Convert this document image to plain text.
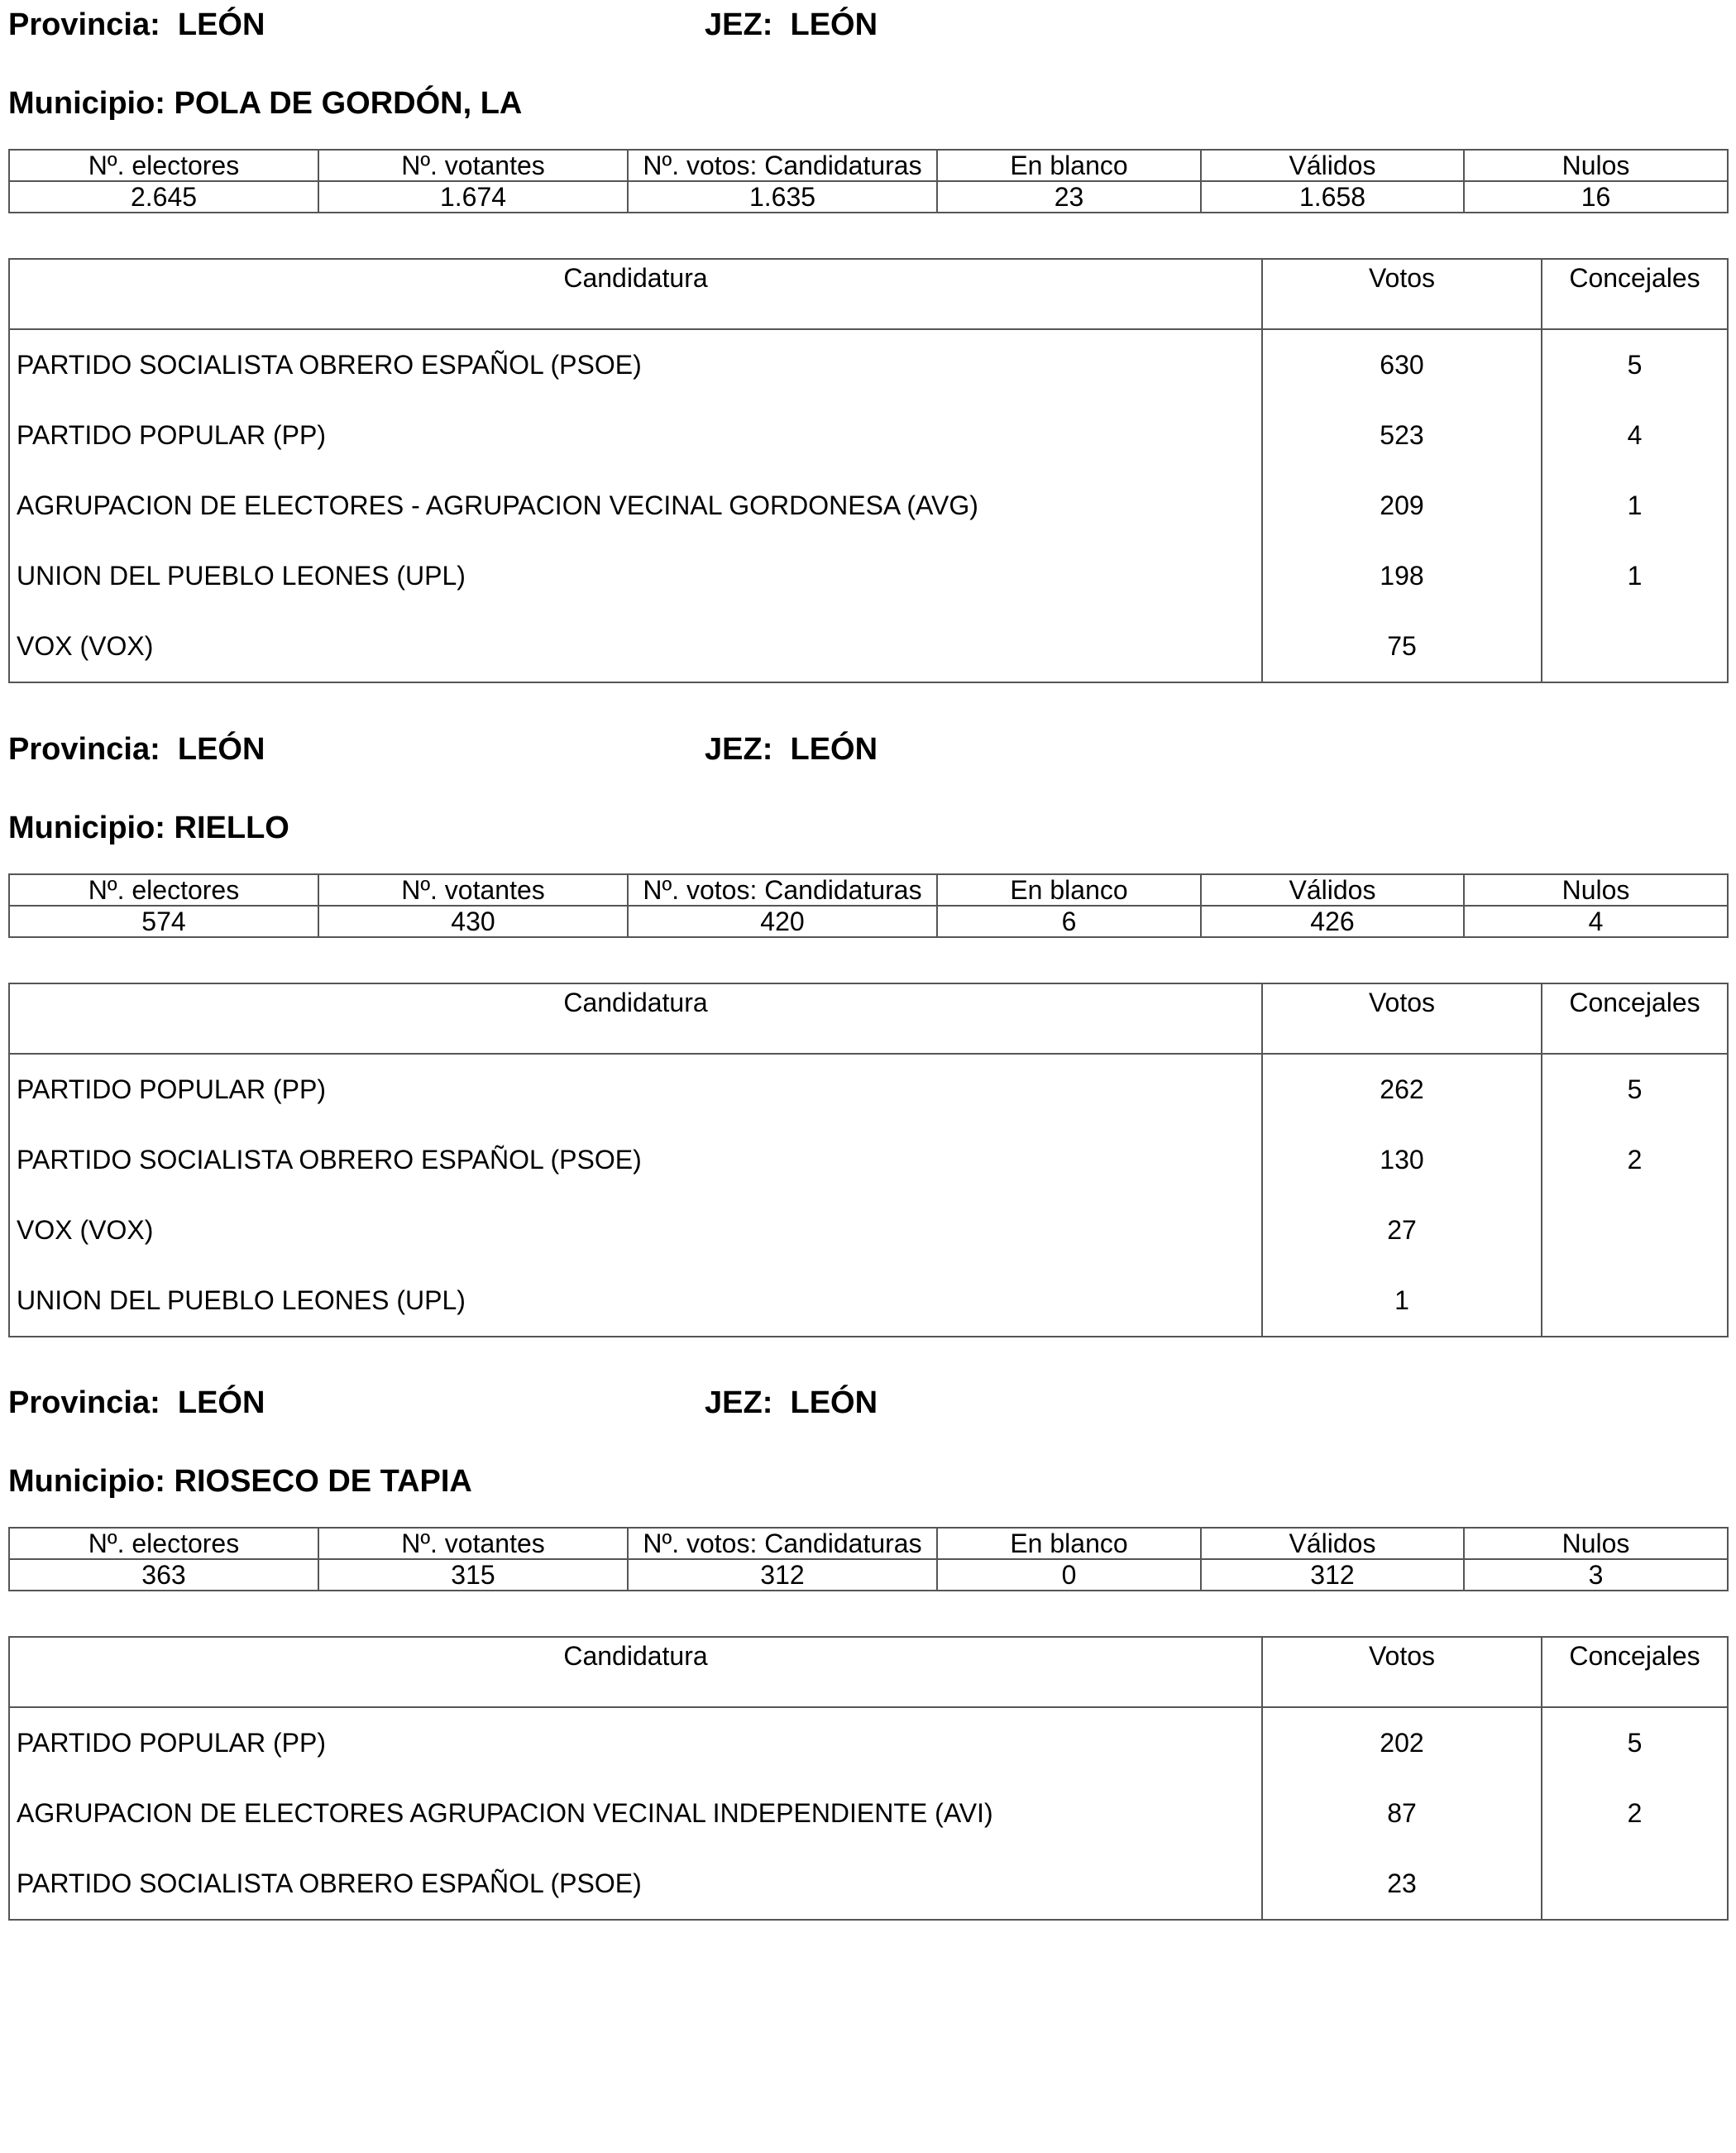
Provincia: LEÓN	JEZ: LEÓN
Municipio: POLA DE GORDÓN, LA
Nº. electores	Nº. votantes	Nº. votos: Candidaturas	En blanco	Válidos	Nulos
2.645	1.674	1.635	23	1.658	16
Candidatura	Votos	Concejales
PARTIDO SOCIALISTA OBRERO ESPAÑOL (PSOE)	630	5
PARTIDO POPULAR (PP)	523	4
AGRUPACION DE ELECTORES - AGRUPACION VECINAL GORDONESA (AVG)	209	1
UNION DEL PUEBLO LEONES (UPL)	198	1
VOX (VOX)	75	
Provincia: LEÓN	JEZ: LEÓN
Municipio: RIELLO
Nº. electores	Nº. votantes	Nº. votos: Candidaturas	En blanco	Válidos	Nulos
574	430	420	6	426	4
Candidatura	Votos	Concejales
PARTIDO POPULAR (PP)	262	5
PARTIDO SOCIALISTA OBRERO ESPAÑOL (PSOE)	130	2
VOX (VOX)	27	
UNION DEL PUEBLO LEONES (UPL)	1	
Provincia: LEÓN	JEZ: LEÓN
Municipio: RIOSECO DE TAPIA
Nº. electores	Nº. votantes	Nº. votos: Candidaturas	En blanco	Válidos	Nulos
363	315	312	0	312	3
Candidatura	Votos	Concejales
PARTIDO POPULAR (PP)	202	5
AGRUPACION DE ELECTORES AGRUPACION VECINAL INDEPENDIENTE (AVI)	87	2
PARTIDO SOCIALISTA OBRERO ESPAÑOL (PSOE)	23	
